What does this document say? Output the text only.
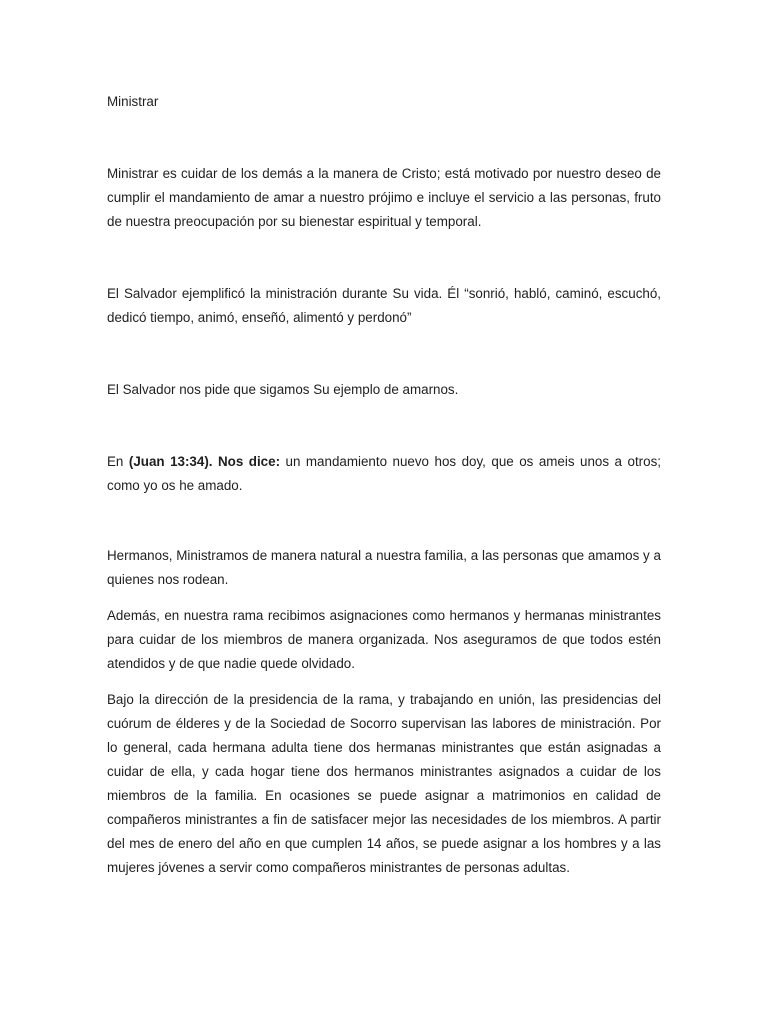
Ministrar

Ministrar es cuidar de los demás a la manera de Cristo; está motivado por nuestro deseo de cumplir el mandamiento de amar a nuestro prójimo e incluye el servicio a las personas, fruto de nuestra preocupación por su bienestar espiritual y temporal.

El Salvador ejemplificó la ministración durante Su vida. Él “sonrió, habló, caminó, escuchó, dedicó tiempo, animó, enseñó, alimentó y perdonó”

El Salvador nos pide que sigamos Su ejemplo de amarnos.

En (Juan 13:34). Nos dice: un mandamiento nuevo hos doy, que os ameis unos a otros; como yo os he amado.

Hermanos, Ministramos de manera natural a nuestra familia, a las personas que amamos y a quienes nos rodean.

Además, en nuestra rama recibimos asignaciones como hermanos y hermanas ministrantes para cuidar de los miembros de manera organizada. Nos aseguramos de que todos estén atendidos y de que nadie quede olvidado.

Bajo la dirección de la presidencia de la rama, y trabajando en unión, las presidencias del cuórum de élderes y de la Sociedad de Socorro supervisan las labores de ministración. Por lo general, cada hermana adulta tiene dos hermanas ministrantes que están asignadas a cuidar de ella, y cada hogar tiene dos hermanos ministrantes asignados a cuidar de los miembros de la familia. En ocasiones se puede asignar a matrimonios en calidad de compañeros ministrantes a fin de satisfacer mejor las necesidades de los miembros. A partir del mes de enero del año en que cumplen 14 años, se puede asignar a los hombres y a las mujeres jóvenes a servir como compañeros ministrantes de personas adultas.
